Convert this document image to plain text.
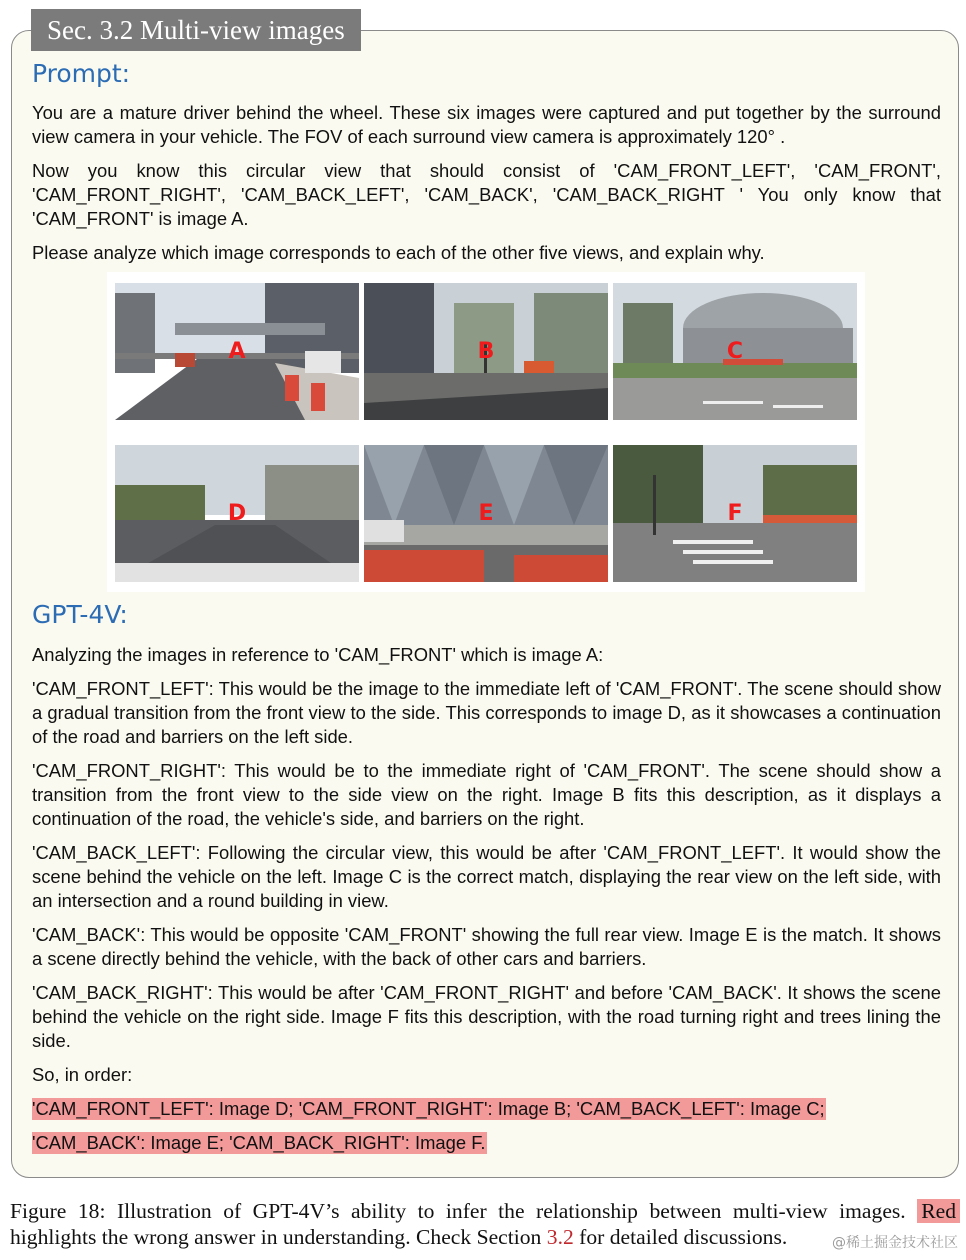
Sec. 3.2 Multi-view images
Prompt:

You are a mature driver behind the wheel. These six images were captured and put together by the surround view camera in your vehicle. The FOV of each surround view camera is approximately 120° .

Now you know this circular view that should consist of 'CAM_FRONT_LEFT', 'CAM_FRONT', 'CAM_FRONT_RIGHT', 'CAM_BACK_LEFT', 'CAM_BACK', 'CAM_BACK_RIGHT ' You only know that 'CAM_FRONT' is image A.

Please analyze which image corresponds to each of the other five views, and explain why.

A	B	C
D	E	F
GPT-4V:

Analyzing the images in reference to 'CAM_FRONT' which is image A:

'CAM_FRONT_LEFT': This would be the image to the immediate left of 'CAM_FRONT'. The scene should show a gradual transition from the front view to the side. This corresponds to image D, as it showcases a continuation of the road and barriers on the left side.

'CAM_FRONT_RIGHT': This would be to the immediate right of 'CAM_FRONT'. The scene should show a transition from the front view to the side view on the right. Image B fits this description, as it displays a continuation of the road, the vehicle's side, and barriers on the right.

'CAM_BACK_LEFT': Following the circular view, this would be after 'CAM_FRONT_LEFT'. It would show the scene behind the vehicle on the left. Image C is the correct match, displaying the rear view on the left side, with an intersection and a round building in view.

'CAM_BACK': This would be opposite 'CAM_FRONT' showing the full rear view. Image E is the match. It shows a scene directly behind the vehicle, with the back of other cars and barriers.

'CAM_BACK_RIGHT': This would be after 'CAM_FRONT_RIGHT' and before 'CAM_BACK'. It shows the scene behind the vehicle on the right side. Image F fits this description, with the road turning right and trees lining the side.

So, in order:

'CAM_FRONT_LEFT': Image D; 'CAM_FRONT_RIGHT': Image B; 'CAM_BACK_LEFT': Image C;

'CAM_BACK': Image E; 'CAM_BACK_RIGHT': Image F.

Figure 18: Illustration of GPT-4V’s ability to infer the relationship between multi-view images. Red highlights the wrong answer in understanding. Check Section 3.2 for detailed discussions.	@稀土掘金技术社区
